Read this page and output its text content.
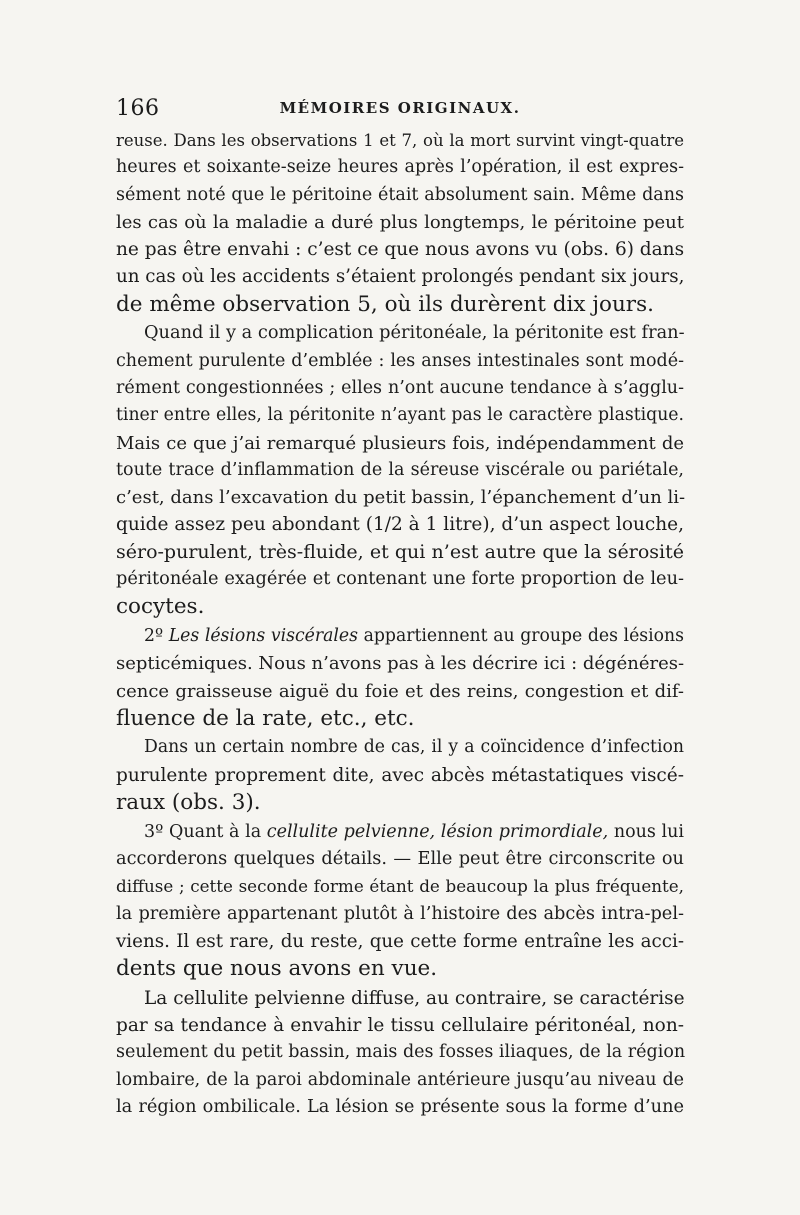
166	MÉMOIRES ORIGINAUX.

reuse. Dans les observations 1 et 7, où la mort survint vingt-quatre
heures et soixante-seize heures après l’opération, il est expres-
sément noté que le péritoine était absolument sain. Même dans
les cas où la maladie a duré plus longtemps, le péritoine peut
ne pas être envahi : c’est ce que nous avons vu (obs. 6) dans
un cas où les accidents s’étaient prolongés pendant six jours,
de même observation 5, où ils durèrent dix jours.

Quand il y a complication péritonéale, la péritonite est fran-
chement purulente d’emblée : les anses intestinales sont modé-
rément congestionnées ; elles n’ont aucune tendance à s’agglu-
tiner entre elles, la péritonite n’ayant pas le caractère plastique.
Mais ce que j’ai remarqué plusieurs fois, indépendamment de
toute trace d’inflammation de la séreuse viscérale ou pariétale,
c’est, dans l’excavation du petit bassin, l’épanchement d’un li-
quide assez peu abondant (1/2 à 1 litre), d’un aspect louche,
séro-purulent, très-fluide, et qui n’est autre que la sérosité
péritonéale exagérée et contenant une forte proportion de leu-
cocytes.

2º Les lésions viscérales appartiennent au groupe des lésions
septicémiques. Nous n’avons pas à les décrire ici : dégénéres-
cence graisseuse aiguë du foie et des reins, congestion et dif-
fluence de la rate, etc., etc.

Dans un certain nombre de cas, il y a coïncidence d’infection
purulente proprement dite, avec abcès métastatiques viscé-
raux (obs. 3).

3º Quant à la cellulite pelvienne, lésion primordiale, nous lui
accorderons quelques détails. — Elle peut être circonscrite ou
diffuse ; cette seconde forme étant de beaucoup la plus fréquente,
la première appartenant plutôt à l’histoire des abcès intra-pel-
viens. Il est rare, du reste, que cette forme entraîne les acci-
dents que nous avons en vue.

La cellulite pelvienne diffuse, au contraire, se caractérise
par sa tendance à envahir le tissu cellulaire péritonéal, non-
seulement du petit bassin, mais des fosses iliaques, de la région
lombaire, de la paroi abdominale antérieure jusqu’au niveau de
la région ombilicale. La lésion se présente sous la forme d’une
